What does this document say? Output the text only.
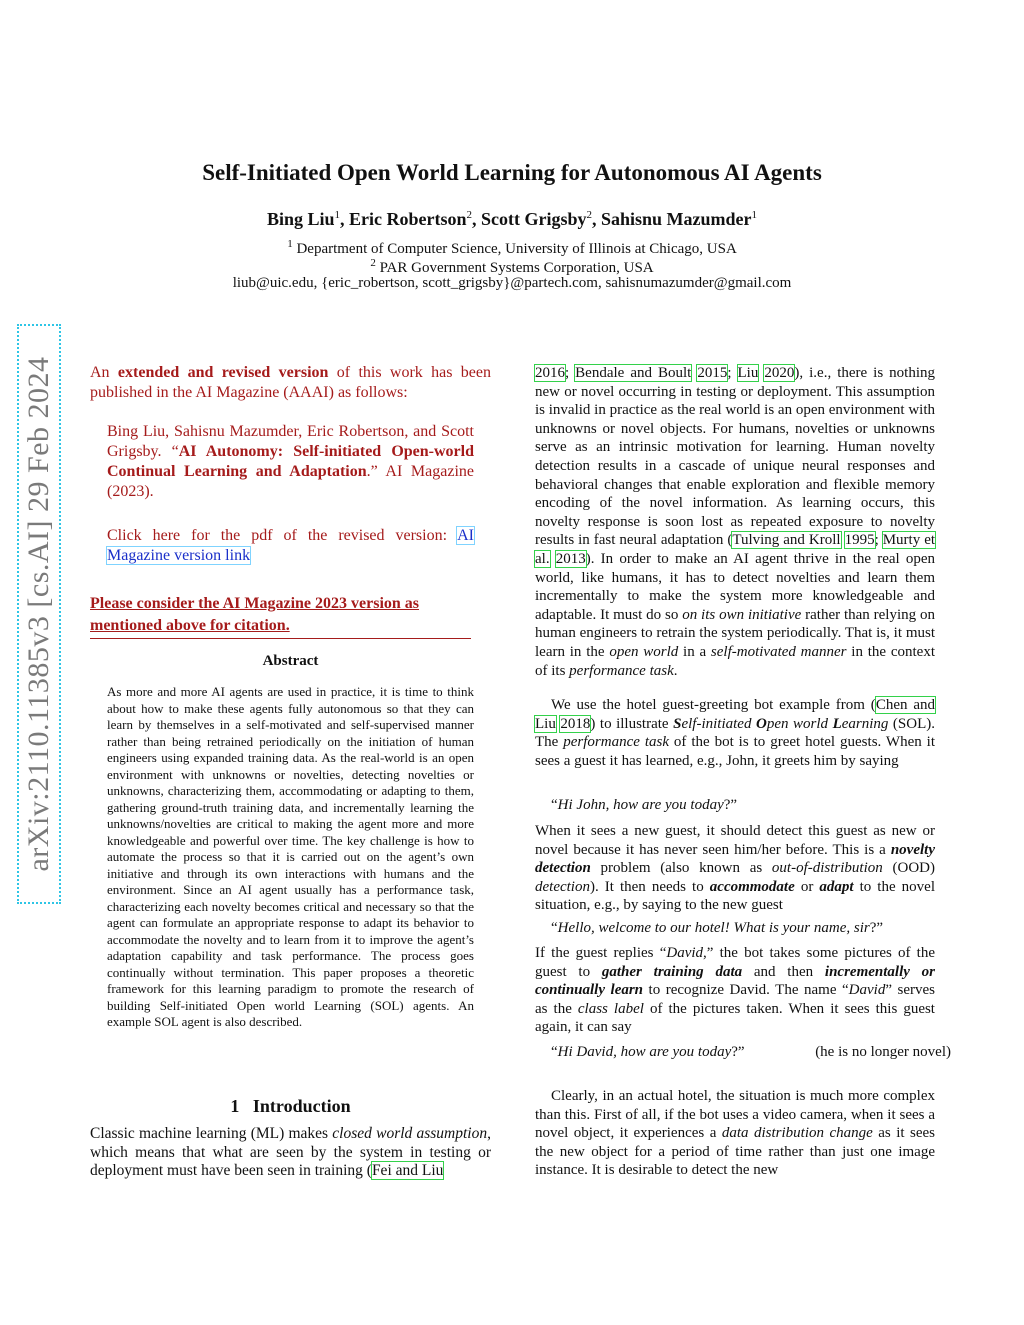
arXiv:2110.11385v3 [cs.AI] 29 Feb 2024
Self-Initiated Open World Learning for Autonomous AI Agents
Bing Liu$^1$, Eric Robertson$^2$, Scott Grigsby$^2$, Sahisnu Mazumder$^1$
$^1$ Department of Computer Science, University of Illinois at Chicago, USA
$^2$ PAR Government Systems Corporation, USA
liub@uic.edu, {eric_robertson, scott_grigsby}@partech.com, sahisnumazumder@gmail.com
An extended and revised version of this work has been published in the AI Magazine (AAAI) as follows:
Bing Liu, Sahisnu Mazumder, Eric Robertson, and Scott Grigsby. “AI Autonomy: Self-initiated Open-world Continual Learning and Adaptation.” AI Magazine (2023).
Click here for the pdf of the revised version: AI Magazine version link
Please consider the AI Magazine 2023 version as mentioned above for citation.
Abstract
As more and more AI agents are used in practice, it is time to think about how to make these agents fully autonomous so that they can learn by themselves in a self-motivated and self-supervised manner rather than being retrained periodically on the initiation of human engineers using expanded training data. As the real-world is an open environment with unknowns or novelties, detecting novelties or unknowns, characterizing them, accommodating or adapting to them, gathering ground-truth training data, and incrementally learning the unknowns/novelties are critical to making the agent more and more knowledgeable and powerful over time. The key challenge is how to automate the process so that it is carried out on the agent’s own initiative and through its own interactions with humans and the environment. Since an AI agent usually has a performance task, characterizing each novelty becomes critical and necessary so that the agent can formulate an appropriate response to adapt its behavior to accommodate the novelty and to learn from it to improve the agent’s adaptation capability and task performance. The process goes continually without termination. This paper proposes a theoretic framework for this learning paradigm to promote the research of building Self-initiated Open world Learning (SOL) agents. An example SOL agent is also described.
1 Introduction
Classic machine learning (ML) makes closed world assumption, which means that what are seen by the system in testing or deployment must have been seen in training (Fei and Liu
2016; Bendale and Boult 2015; Liu 2020), i.e., there is nothing new or novel occurring in testing or deployment. This assumption is invalid in practice as the real world is an open environment with unknowns or novel objects. For humans, novelties or unknowns serve as an intrinsic motivation for learning. Human novelty detection results in a cascade of unique neural responses and behavioral changes that enable exploration and flexible memory encoding of the novel information. As learning occurs, this novelty response is soon lost as repeated exposure to novelty results in fast neural adaptation (Tulving and Kroll 1995; Murty et al. 2013). In order to make an AI agent thrive in the real open world, like humans, it has to detect novelties and learn them incrementally to make the system more knowledgeable and adaptable. It must do so on its own initiative rather than relying on human engineers to retrain the system periodically. That is, it must learn in the open world in a self-motivated manner in the context of its performance task.
We use the hotel guest-greeting bot example from (Chen and Liu 2018) to illustrate Self-initiated Open world Learning (SOL). The performance task of the bot is to greet hotel guests. When it sees a guest it has learned, e.g., John, it greets him by saying
“Hi John, how are you today?”
When it sees a new guest, it should detect this guest as new or novel because it has never seen him/her before. This is a novelty detection problem (also known as out-of-distribution (OOD) detection). It then needs to accommodate or adapt to the novel situation, e.g., by saying to the new guest
“Hello, welcome to our hotel! What is your name, sir?”
If the guest replies “David,” the bot takes some pictures of the guest to gather training data and then incrementally or continually learn to recognize David. The name “David” serves as the class label of the pictures taken. When it sees this guest again, it can say
“Hi David, how are you today?”	(he is no longer novel)
Clearly, in an actual hotel, the situation is much more complex than this. First of all, if the bot uses a video camera, when it sees a novel object, it experiences a data distribution change as it sees the new object for a period of time rather than just one image instance. It is desirable to detect the new
